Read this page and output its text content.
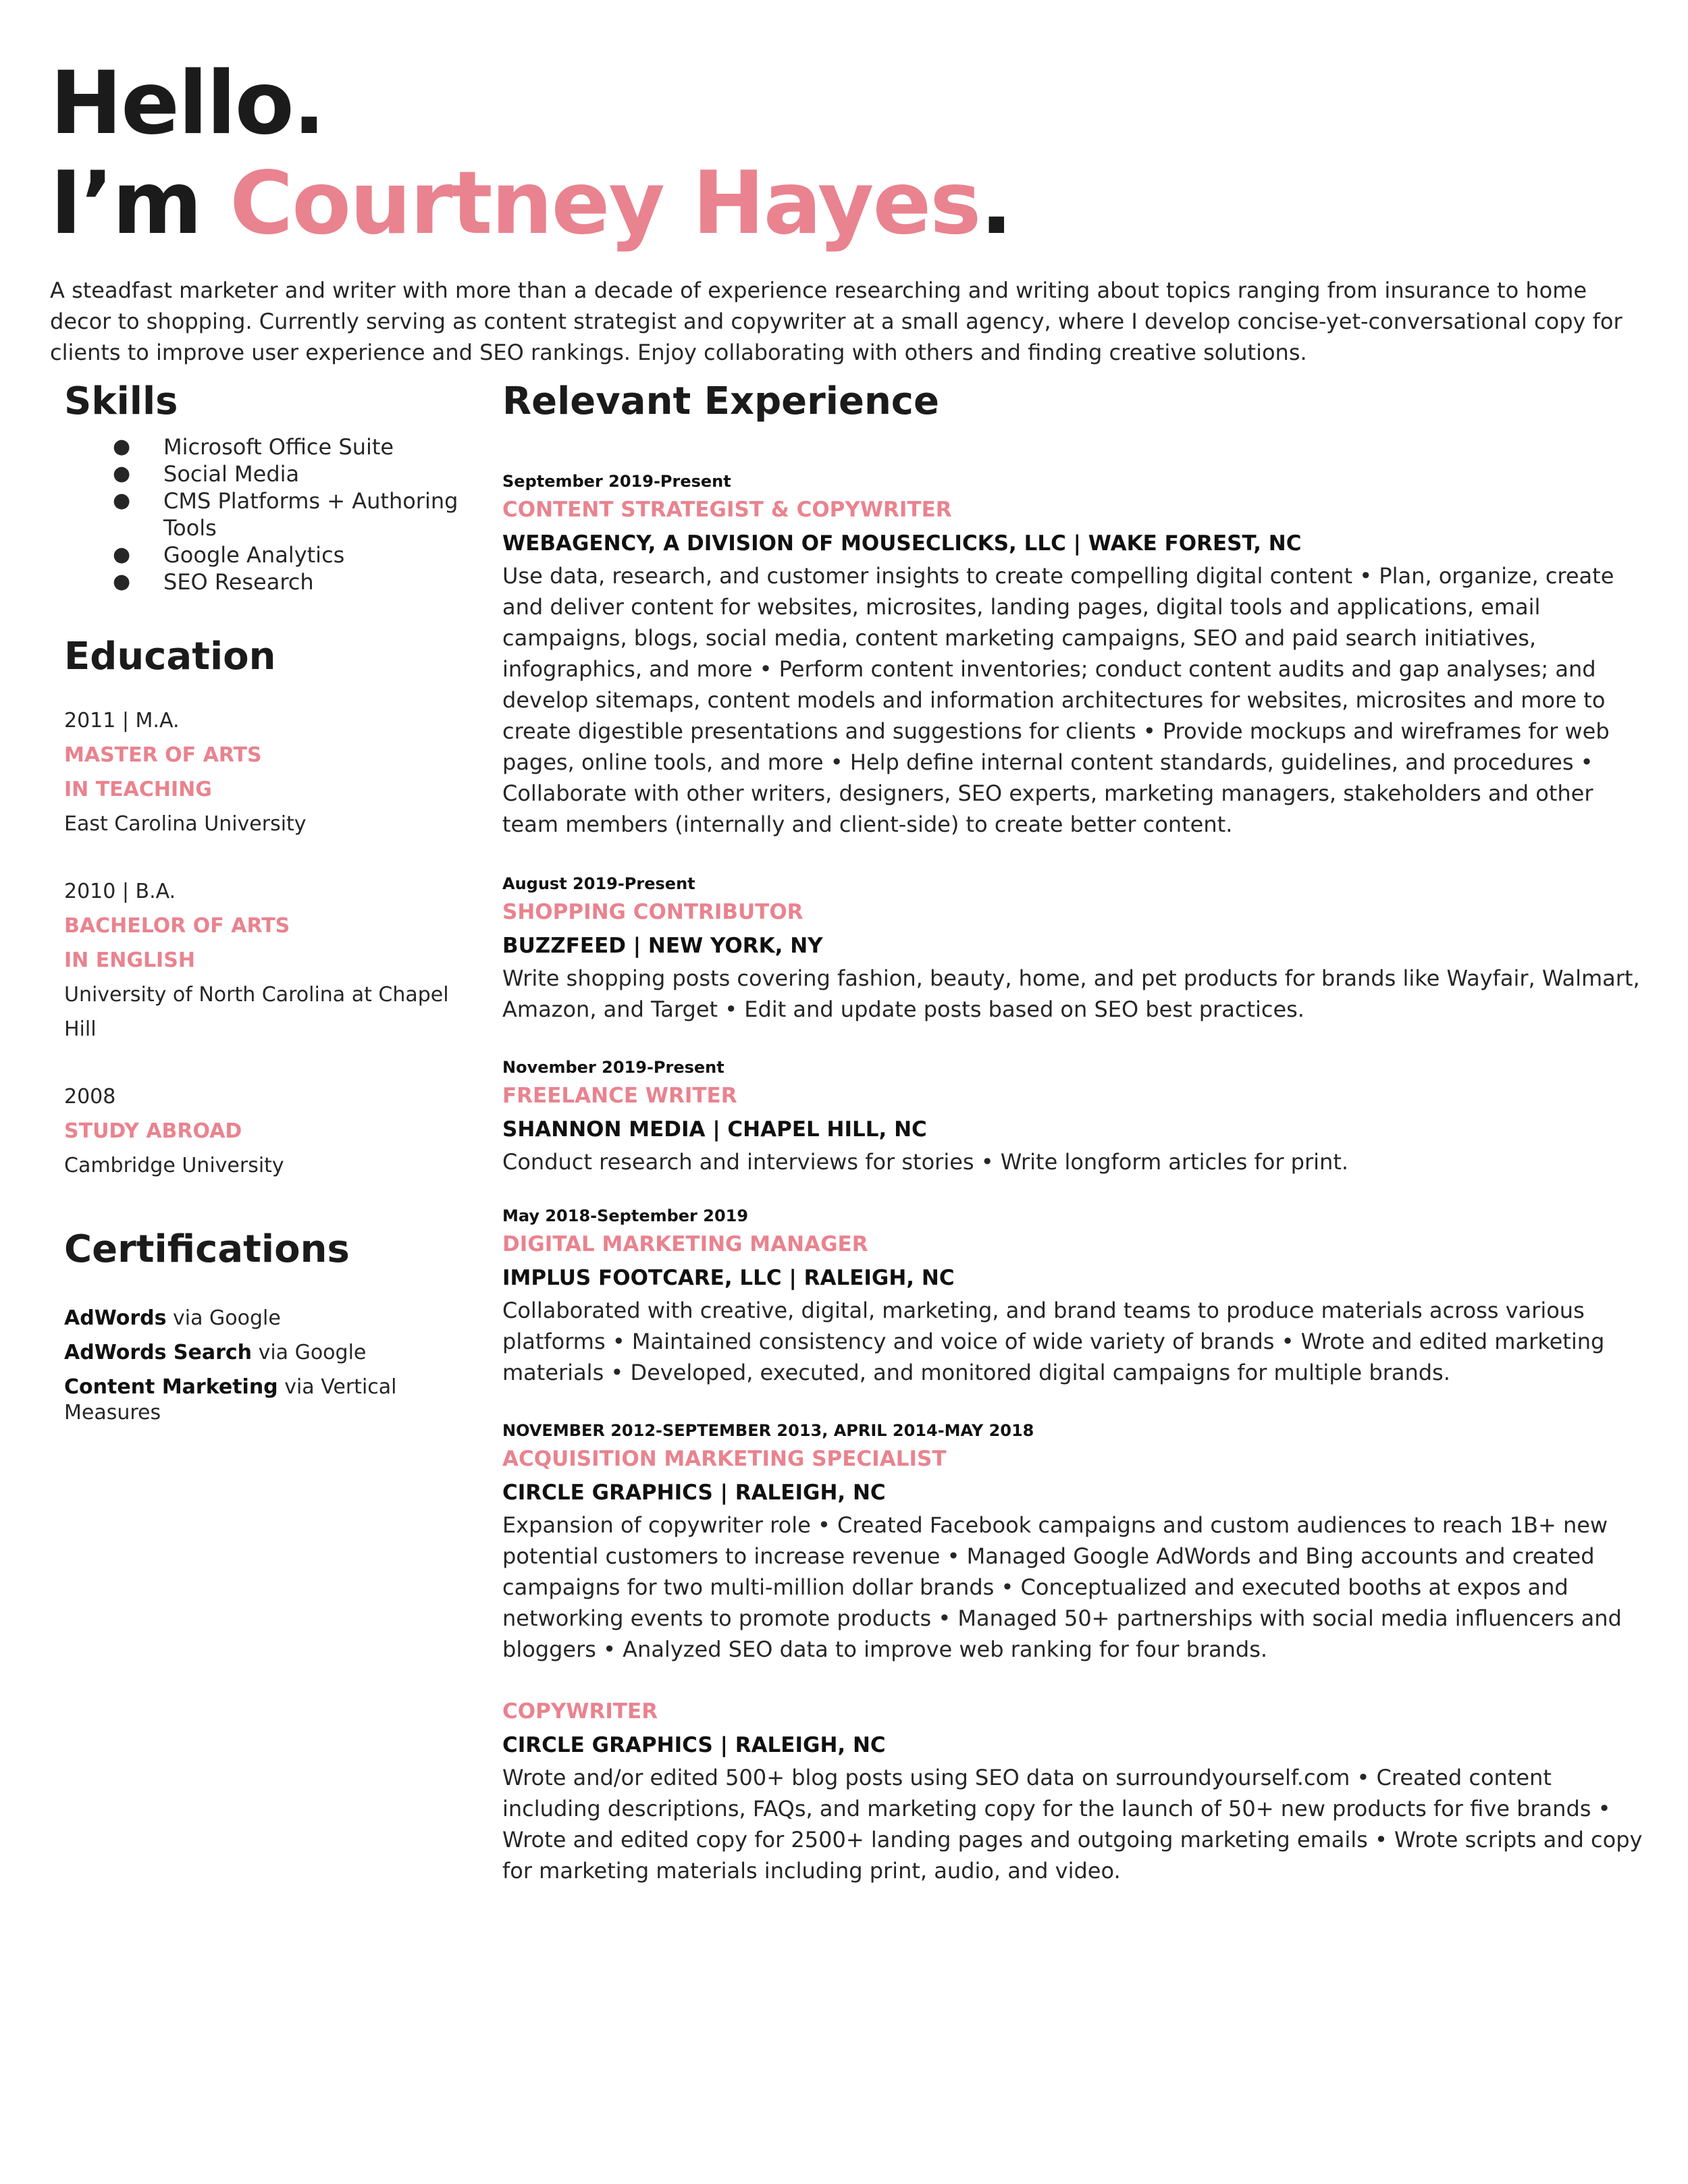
Hello.
I’m Courtney Hayes.
A steadfast marketer and writer with more than a decade of experience researching and writing about topics ranging from insurance to home decor to shopping. Currently serving as content strategist and copywriter at a small agency, where I develop concise-yet-conversational copy for clients to improve user experience and SEO rankings. Enjoy collaborating with others and finding creative solutions.
Skills
● Microsoft Office Suite
● Social Media
● CMS Platforms + Authoring Tools
● Google Analytics
● SEO Research
Education
2011 | M.A.
MASTER OF ARTS
IN TEACHING
East Carolina University
2010 | B.A.
BACHELOR OF ARTS
IN ENGLISH
University of North Carolina at Chapel Hill
2008
STUDY ABROAD
Cambridge University
Certifications
AdWords via Google
AdWords Search via Google
Content Marketing via Vertical Measures
Relevant Experience
September 2019-Present
CONTENT STRATEGIST & COPYWRITER
WEBAGENCY, A DIVISION OF MOUSECLICKS, LLC | WAKE FOREST, NC
Use data, research, and customer insights to create compelling digital content • Plan, organize, create and deliver content for websites, microsites, landing pages, digital tools and applications, email campaigns, blogs, social media, content marketing campaigns, SEO and paid search initiatives, infographics, and more • Perform content inventories; conduct content audits and gap analyses; and develop sitemaps, content models and information architectures for websites, microsites and more to create digestible presentations and suggestions for clients • Provide mockups and wireframes for web pages, online tools, and more • Help define internal content standards, guidelines, and procedures • Collaborate with other writers, designers, SEO experts, marketing managers, stakeholders and other team members (internally and client-side) to create better content.
August 2019-Present
SHOPPING CONTRIBUTOR
BUZZFEED | NEW YORK, NY
Write shopping posts covering fashion, beauty, home, and pet products for brands like Wayfair, Walmart, Amazon, and Target • Edit and update posts based on SEO best practices.
November 2019-Present
FREELANCE WRITER
SHANNON MEDIA | CHAPEL HILL, NC
Conduct research and interviews for stories • Write longform articles for print.
May 2018-September 2019
DIGITAL MARKETING MANAGER
IMPLUS FOOTCARE, LLC | RALEIGH, NC
Collaborated with creative, digital, marketing, and brand teams to produce materials across various platforms • Maintained consistency and voice of wide variety of brands • Wrote and edited marketing materials • Developed, executed, and monitored digital campaigns for multiple brands.
NOVEMBER 2012-SEPTEMBER 2013, APRIL 2014-MAY 2018
ACQUISITION MARKETING SPECIALIST
CIRCLE GRAPHICS | RALEIGH, NC
Expansion of copywriter role • Created Facebook campaigns and custom audiences to reach 1B+ new potential customers to increase revenue • Managed Google AdWords and Bing accounts and created campaigns for two multi-million dollar brands • Conceptualized and executed booths at expos and networking events to promote products • Managed 50+ partnerships with social media influencers and bloggers • Analyzed SEO data to improve web ranking for four brands.
COPYWRITER
CIRCLE GRAPHICS | RALEIGH, NC
Wrote and/or edited 500+ blog posts using SEO data on surroundyourself.com • Created content including descriptions, FAQs, and marketing copy for the launch of 50+ new products for five brands • Wrote and edited copy for 2500+ landing pages and outgoing marketing emails • Wrote scripts and copy for marketing materials including print, audio, and video.
